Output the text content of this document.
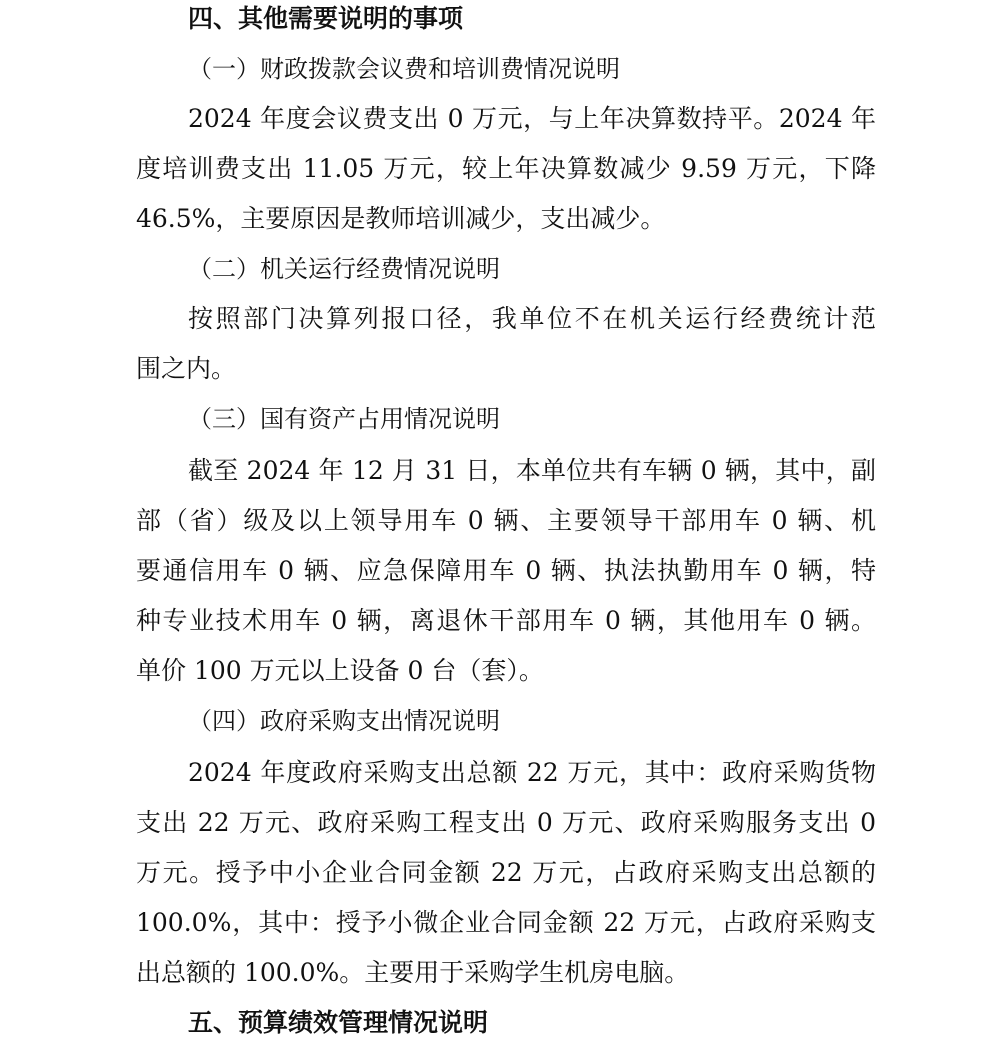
四、其他需要说明的事项
（一）财政拨款会议费和培训费情况说明
2024 年度会议费支出 0 万元，与上年决算数持平。2024 年
度培训费支出 11.05 万元，较上年决算数减少 9.59 万元，下降
46.5%，主要原因是教师培训减少，支出减少。
（二）机关运行经费情况说明
按照部门决算列报口径，我单位不在机关运行经费统计范
围之内。
（三）国有资产占用情况说明
截至 2024 年 12 月 31 日，本单位共有车辆 0 辆，其中，副
部（省）级及以上领导用车 0 辆、主要领导干部用车 0 辆、机
要通信用车 0 辆、应急保障用车 0 辆、执法执勤用车 0 辆，特
种专业技术用车 0 辆，离退休干部用车 0 辆，其他用车 0 辆。
单价 100 万元以上设备 0 台（套）。
（四）政府采购支出情况说明
2024 年度政府采购支出总额 22 万元，其中：政府采购货物
支出 22 万元、政府采购工程支出 0 万元、政府采购服务支出 0
万元。授予中小企业合同金额 22 万元，占政府采购支出总额的
100.0%，其中：授予小微企业合同金额 22 万元，占政府采购支
出总额的 100.0%。主要用于采购学生机房电脑。
五、预算绩效管理情况说明
